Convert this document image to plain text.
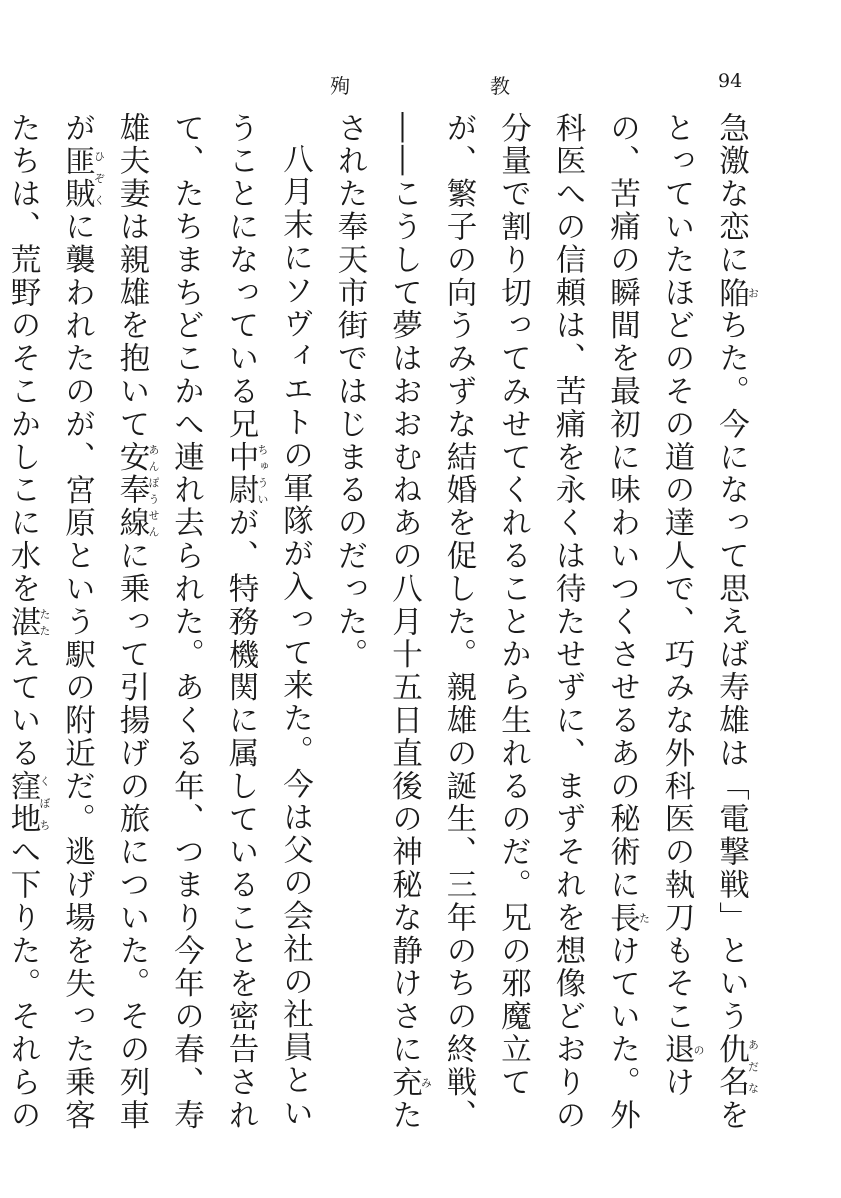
殉	教	94

急激な恋に陥おちた。今になって思えば寿雄は「電撃戦」という仇名あだなをとっていたほどのその道の達人で、巧みな外科医の執刀もそこ退のけの、苦痛の瞬間を最初に味わいつくさせるあの秘術に長たけていた。外科医への信頼は、苦痛を永くは待たせずに、まずそれを想像どおりの分量で割り切ってみせてくれることから生れるのだ。兄の邪魔立てが、繁子の向うみずな結婚を促した。親雄の誕生、三年のちの終戦、――こうして夢はおおむねあの八月十五日直後の神秘な静けさに充みたされた奉天市街ではじまるのだった。

八月末にソヴィエトの軍隊が入って来た。今は父の会社の社員ということになっている兄中尉ちゅういが、特務機関に属していることを密告されて、たちまちどこかへ連れ去られた。あくる年、つまり今年の春、寿雄夫妻は親雄を抱いて安奉線あんぽうせんに乗って引揚げの旅についた。その列車が匪賊ひぞくに襲われたのが、宮原という駅の附近だ。逃げ場を失った乗客たちは、荒野のそこかしこに水を湛たたえている窪地くぼちへ下りた。それらの
